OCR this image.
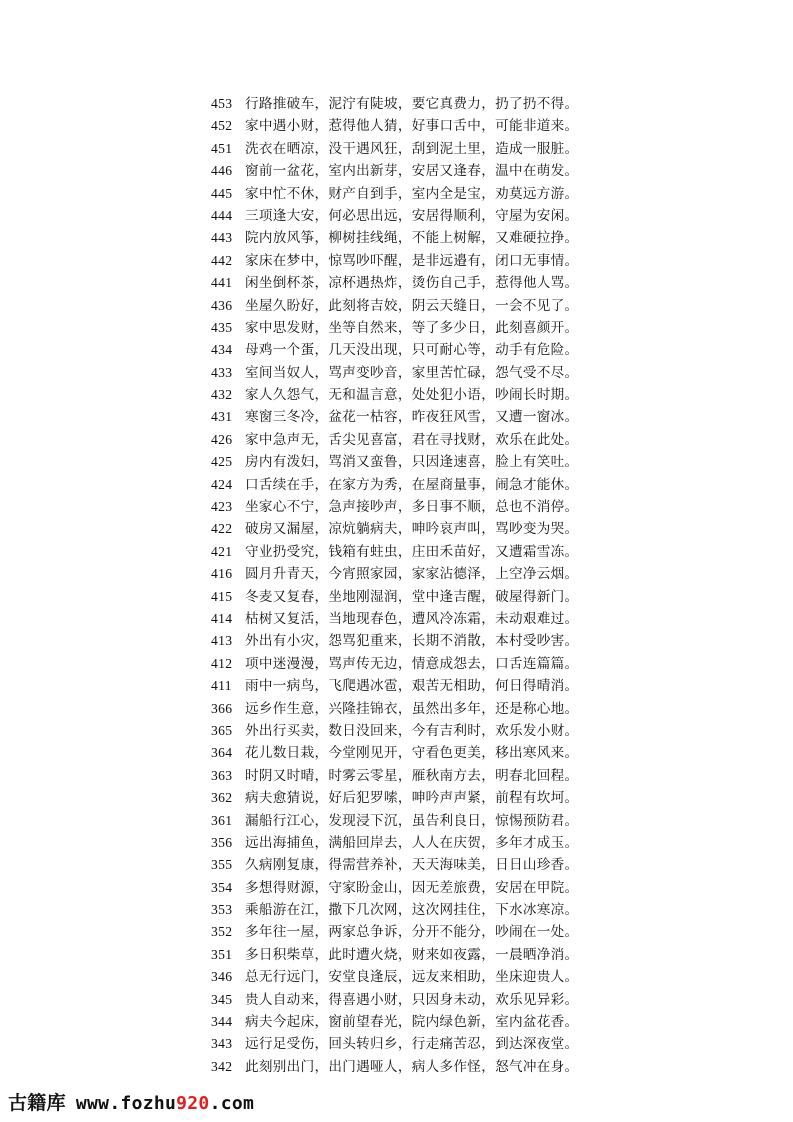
453 行路推破车，泥泞有陡坡，要它真费力，扔了扔不得。
452 家中遇小财，惹得他人猜，好事口舌中，可能非道来。
451 洗衣在晒凉，没干遇风狂，刮到泥土里，造成一服脏。
446 窗前一盆花，室内出新芽，安居又逢春，温中在萌发。
445 家中忙不休，财产自到手，室内全是宝，劝莫远方游。
444 三项逢大安，何必思出远，安居得顺利，守屋为安闲。
443 院内放风筝，柳树挂线绳，不能上树解，又难硬拉挣。
442 家床在梦中，惊骂吵吓醒，是非远邉有，闭口无事情。
441 闲坐倒杯茶，凉杯遇热炸，烫伤自己手，惹得他人骂。
436 坐屋久盼好，此刻将吉姣，阴云天缝日，一会不见了。
435 家中思发财，坐等自然来，等了多少日，此刻喜颜开。
434 母鸡一个蛋，几天没出现，只可耐心等，动手有危险。
433 室间当奴人，骂声变吵音，家里苦忙碌，怨气受不尽。
432 家人久怨气，无和温言意，处处犯小语，吵闹长时期。
431 寒窗三冬冷，盆花一枯容，昨夜狂风雪，又遭一窗冰。
426 家中急声无，舌尖见喜富，君在寻找财，欢乐在此处。
425 房内有泼妇，骂消又蛮鲁，只因逢速喜，脸上有笑吐。
424 口舌续在手，在家方为秀，在屋商量事，闹急才能休。
423 坐家心不宁，急声接吵声，多日事不顺，总也不消停。
422 破房又漏屋，凉炕躺病夫，呻吟哀声叫，骂吵变为哭。
421 守业扔受究，钱箱有蛀虫，庄田禾苗好，又遭霜雪冻。
416 圆月升青天，今宵照家园，家家沾德泽，上空净云烟。
415 冬麦又复春，坐地刚湿润，堂中逢吉醒，破屋得新门。
414 枯树又复活，当地现春色，遭风冷冻霜，未动艰难过。
413 外出有小灾，怨骂犯重来，长期不消散，本村受吵害。
412 项中迷漫漫，骂声传无边，情意成怨去，口舌连篇篇。
411 雨中一病鸟，飞爬遇冰雹，艰苦无相助，何日得晴消。
366 远乡作生意，兴隆挂锦衣，虽然出多年，还是称心地。
365 外出行买卖，数日没回来，今有吉利时，欢乐发小财。
364 花儿数日栽，今堂刚见开，守看色更美，移出寒风来。
363 时阴又时晴，时雾云零星，雁秋南方去，明春北回程。
362 病夫愈猜说，好后犯罗嗦，呻吟声声紧，前程有坎坷。
361 漏船行江心，发现浸下沉，虽告利良日，惊惕预防君。
356 远出海捕鱼，满船回岸去，人人在庆贺，多年才成玉。
355 久病刚复康，得需营养补，天天海味美，日日山珍香。
354 多想得财源，守家盼金山，因无差旅费，安居在甲院。
353 乘船游在江，撒下几次网，这次网挂住，下水冰寒凉。
352 多年往一屋，两家总争诉，分开不能分，吵闹在一处。
351 多日积柴草，此时遭火烧，财来如夜露，一晨晒净消。
346 总无行远门，安堂良逢辰，远友来相助，坐床迎贵人。
345 贵人自动来，得喜遇小财，只因身未动，欢乐见异彩。
344 病夫今起床，窗前望春光，院内绿色新，室内盆花香。
343 远行足受伤，回头转归乡，行走痛苦忍，到达深夜堂。
342 此刻别出门，出门遇哑人，病人多作怪，怒气冲在身。
古籍库 www.fozhu920.com
